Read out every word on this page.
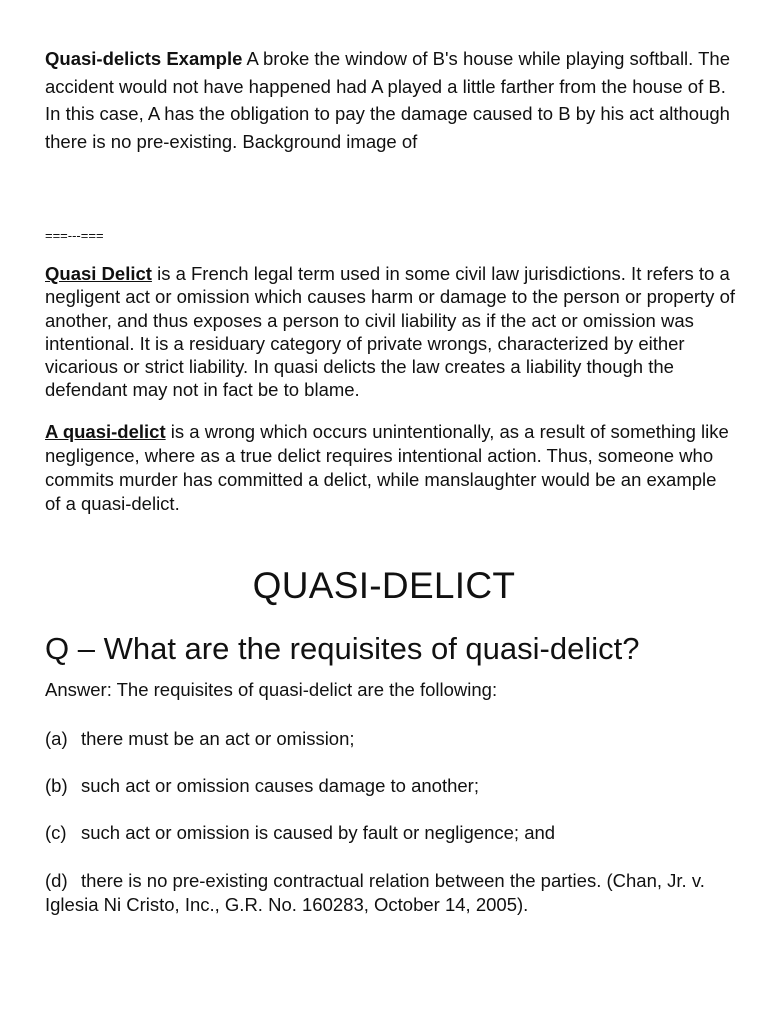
Quasi-delicts Example A broke the window of B's house while playing softball. The accident would not have happened had A played a little farther from the house of B. In this case, A has the obligation to pay the damage caused to B by his act although there is no pre-existing. Background image of

===---===

Quasi Delict is a French legal term used in some civil law jurisdictions. It refers to a negligent act or omission which causes harm or damage to the person or property of another, and thus exposes a person to civil liability as if the act or omission was intentional. It is a residuary category of private wrongs, characterized by either vicarious or strict liability. In quasi delicts the law creates a liability though the defendant may not in fact be to blame.

A quasi-delict is a wrong which occurs unintentionally, as a result of something like negligence, where as a true delict requires intentional action. Thus, someone who commits murder has committed a delict, while manslaughter would be an example of a quasi-delict.

QUASI-DELICT
Q – What are the requisites of quasi-delict?
Answer: The requisites of quasi-delict are the following:
(a) there must be an act or omission;
(b) such act or omission causes damage to another;
(c) such act or omission is caused by fault or negligence; and
(d) there is no pre-existing contractual relation between the parties. (Chan, Jr. v. Iglesia Ni Cristo, Inc., G.R. No. 160283, October 14, 2005).
